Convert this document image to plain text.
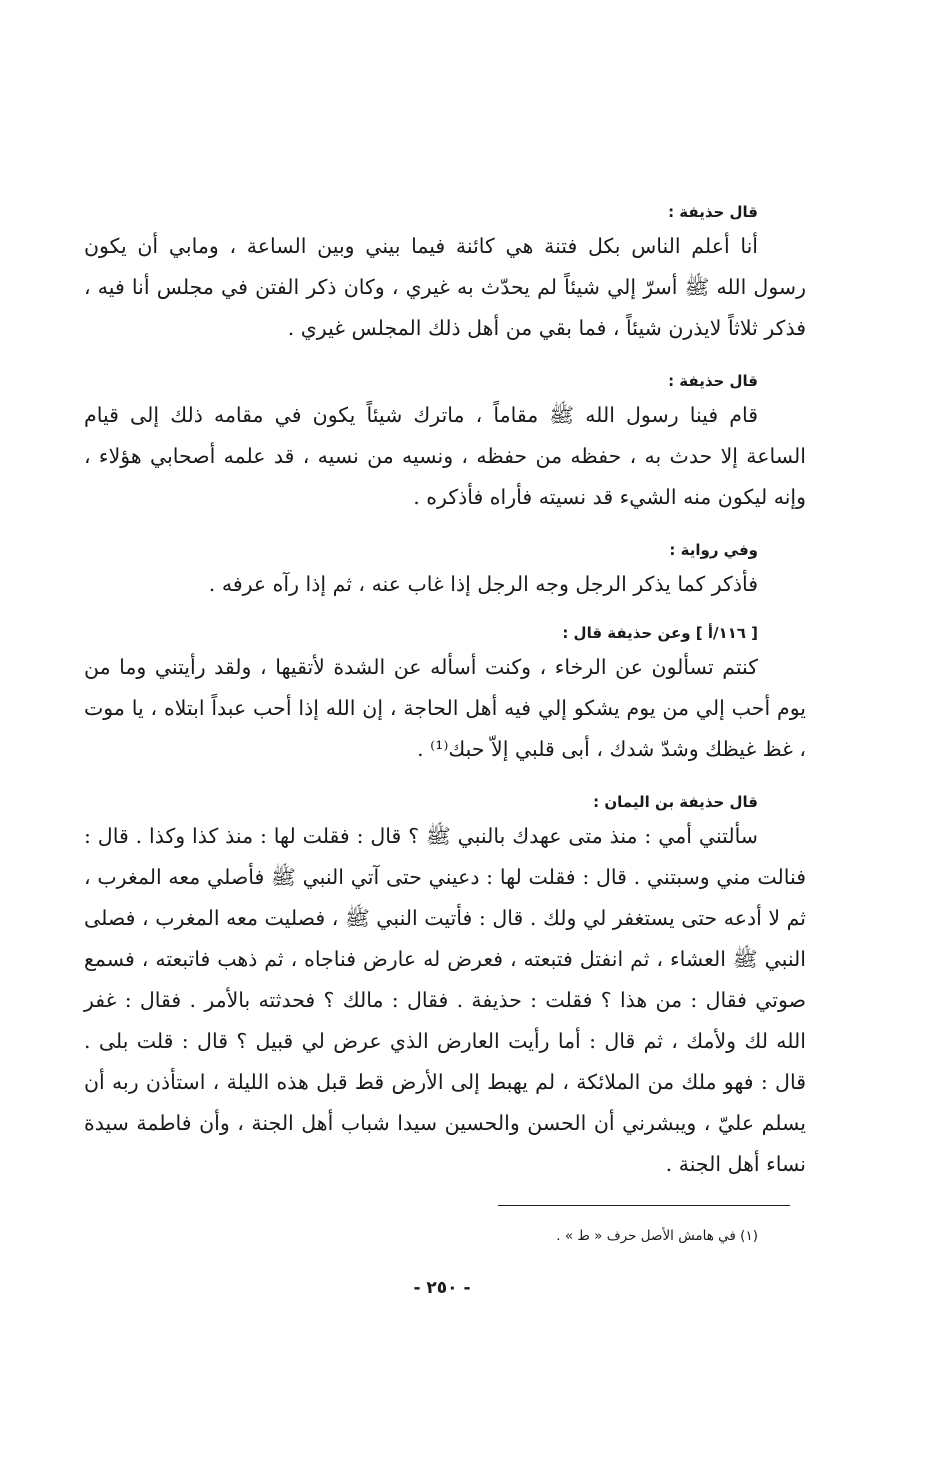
قال حذيفة :

أنا أعلم الناس بكل فتنة هي كائنة فيما بيني وبين الساعة ، ومابي أن يكون رسول الله ﷺ أسرّ إلي شيئاً لم يحدّث به غيري ، وكان ذكر الفتن في مجلس أنا فيه ، فذكر ثلاثاً لايذرن شيئاً ، فما بقي من أهل ذلك المجلس غيري .

قال حذيفة :

قام فينا رسول الله ﷺ مقاماً ، ماترك شيئاً يكون في مقامه ذلك إلى قيام الساعة إلا حدث به ، حفظه من حفظه ، ونسيه من نسيه ، قد علمه أصحابي هؤلاء ، وإنه ليكون منه الشيء قد نسيته فأراه فأذكره .

وفي رواية :

فأذكر كما يذكر الرجل وجه الرجل إذا غاب عنه ، ثم إذا رآه عرفه .

[ ١١٦/أ ] وعن حذيفة قال :

كنتم تسألون عن الرخاء ، وكنت أسأله عن الشدة لأتقيها ، ولقد رأيتني وما من يوم أحب إلي من يوم يشكو إلي فيه أهل الحاجة ، إن الله إذا أحب عبداً ابتلاه ، يا موت ، غظ غيظك وشدّ شدك ، أبى قلبي إلاّ حبك⁽¹⁾ .

قال حذيفة بن اليمان :

سألتني أمي : منذ متى عهدك بالنبي ﷺ ؟ قال : فقلت لها : منذ كذا وكذا . قال : فنالت مني وسبتني . قال : فقلت لها : دعيني حتى آتي النبي ﷺ فأصلي معه المغرب ، ثم لا أدعه حتى يستغفر لي ولك . قال : فأتيت النبي ﷺ ، فصليت معه المغرب ، فصلى النبي ﷺ العشاء ، ثم انفتل فتبعته ، فعرض له عارض فناجاه ، ثم ذهب فاتبعته ، فسمع صوتي فقال : من هذا ؟ فقلت : حذيفة . فقال : مالك ؟ فحدثته بالأمر . فقال : غفر الله لك ولأمك ، ثم قال : أما رأيت العارض الذي عرض لي قبيل ؟ قال : قلت بلى . قال : فهو ملك من الملائكة ، لم يهبط إلى الأرض قط قبل هذه الليلة ، استأذن ربه أن يسلم عليّ ، ويبشرني أن الحسن والحسين سيدا شباب أهل الجنة ، وأن فاطمة سيدة نساء أهل الجنة .

(١) في هامش الأصل حرف « ط » .
- ٢٥٠ -
